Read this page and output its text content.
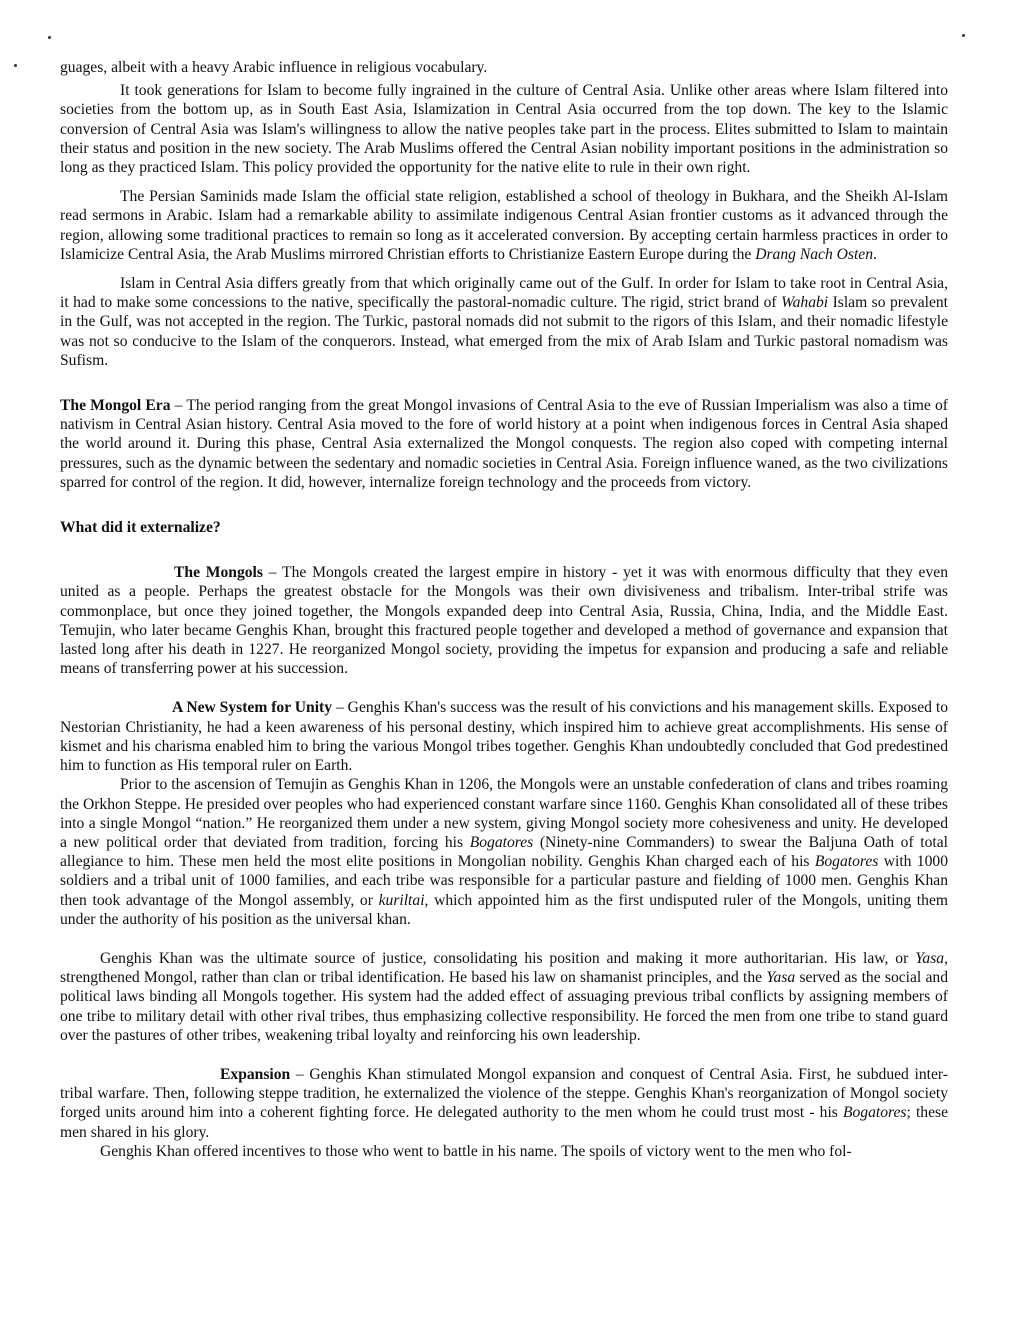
guages, albeit with a heavy Arabic influence in religious vocabulary.

It took generations for Islam to become fully ingrained in the culture of Central Asia. Unlike other areas where Islam filtered into societies from the bottom up, as in South East Asia, Islamization in Central Asia occurred from the top down. The key to the Islamic conversion of Central Asia was Islam's willingness to allow the native peoples take part in the process. Elites submitted to Islam to maintain their status and position in the new society. The Arab Muslims offered the Central Asian nobility important positions in the administration so long as they practiced Islam. This policy provided the opportunity for the native elite to rule in their own right.

The Persian Saminids made Islam the official state religion, established a school of theology in Bukhara, and the Sheikh Al-Islam read sermons in Arabic. Islam had a remarkable ability to assimilate indigenous Central Asian frontier customs as it advanced through the region, allowing some traditional practices to remain so long as it accelerated conversion. By accepting certain harmless practices in order to Islamicize Central Asia, the Arab Muslims mirrored Christian efforts to Christianize Eastern Europe during the Drang Nach Osten.

Islam in Central Asia differs greatly from that which originally came out of the Gulf. In order for Islam to take root in Central Asia, it had to make some concessions to the native, specifically the pastoral-nomadic culture. The rigid, strict brand of Wahabi Islam so prevalent in the Gulf, was not accepted in the region. The Turkic, pastoral nomads did not submit to the rigors of this Islam, and their nomadic lifestyle was not so conducive to the Islam of the conquerors. Instead, what emerged from the mix of Arab Islam and Turkic pastoral nomadism was Sufism.

The Mongol Era – The period ranging from the great Mongol invasions of Central Asia to the eve of Russian Imperialism was also a time of nativism in Central Asian history. Central Asia moved to the fore of world history at a point when indigenous forces in Central Asia shaped the world around it. During this phase, Central Asia externalized the Mongol conquests. The region also coped with competing internal pressures, such as the dynamic between the sedentary and nomadic societies in Central Asia. Foreign influence waned, as the two civilizations sparred for control of the region. It did, however, internalize foreign technology and the proceeds from victory.

What did it externalize?

The Mongols – The Mongols created the largest empire in history - yet it was with enormous difficulty that they even united as a people. Perhaps the greatest obstacle for the Mongols was their own divisiveness and tribalism. Inter-tribal strife was commonplace, but once they joined together, the Mongols expanded deep into Central Asia, Russia, China, India, and the Middle East. Temujin, who later became Genghis Khan, brought this fractured people together and developed a method of governance and expansion that lasted long after his death in 1227. He reorganized Mongol society, providing the impetus for expansion and producing a safe and reliable means of transferring power at his succession.

A New System for Unity – Genghis Khan's success was the result of his convictions and his management skills. Exposed to Nestorian Christianity, he had a keen awareness of his personal destiny, which inspired him to achieve great accomplishments. His sense of kismet and his charisma enabled him to bring the various Mongol tribes together. Genghis Khan undoubtedly concluded that God predestined him to function as His temporal ruler on Earth.

Prior to the ascension of Temujin as Genghis Khan in 1206, the Mongols were an unstable confederation of clans and tribes roaming the Orkhon Steppe. He presided over peoples who had experienced constant warfare since 1160. Genghis Khan consolidated all of these tribes into a single Mongol “nation.” He reorganized them under a new system, giving Mongol society more cohesiveness and unity. He developed a new political order that deviated from tradition, forcing his Bogatores (Ninety-nine Commanders) to swear the Baljuna Oath of total allegiance to him. These men held the most elite positions in Mongolian nobility. Genghis Khan charged each of his Bogatores with 1000 soldiers and a tribal unit of 1000 families, and each tribe was responsible for a particular pasture and fielding of 1000 men. Genghis Khan then took advantage of the Mongol assembly, or kuriltai, which appointed him as the first undisputed ruler of the Mongols, uniting them under the authority of his position as the universal khan.

Genghis Khan was the ultimate source of justice, consolidating his position and making it more authoritarian. His law, or Yasa, strengthened Mongol, rather than clan or tribal identification. He based his law on shamanist principles, and the Yasa served as the social and political laws binding all Mongols together. His system had the added effect of assuaging previous tribal conflicts by assigning members of one tribe to military detail with other rival tribes, thus emphasizing collective responsibility. He forced the men from one tribe to stand guard over the pastures of other tribes, weakening tribal loyalty and reinforcing his own leadership.

Expansion – Genghis Khan stimulated Mongol expansion and conquest of Central Asia. First, he subdued inter-tribal warfare. Then, following steppe tradition, he externalized the violence of the steppe. Genghis Khan's reorganization of Mongol society forged units around him into a coherent fighting force. He delegated authority to the men whom he could trust most - his Bogatores; these men shared in his glory.

Genghis Khan offered incentives to those who went to battle in his name. The spoils of victory went to the men who fol-
